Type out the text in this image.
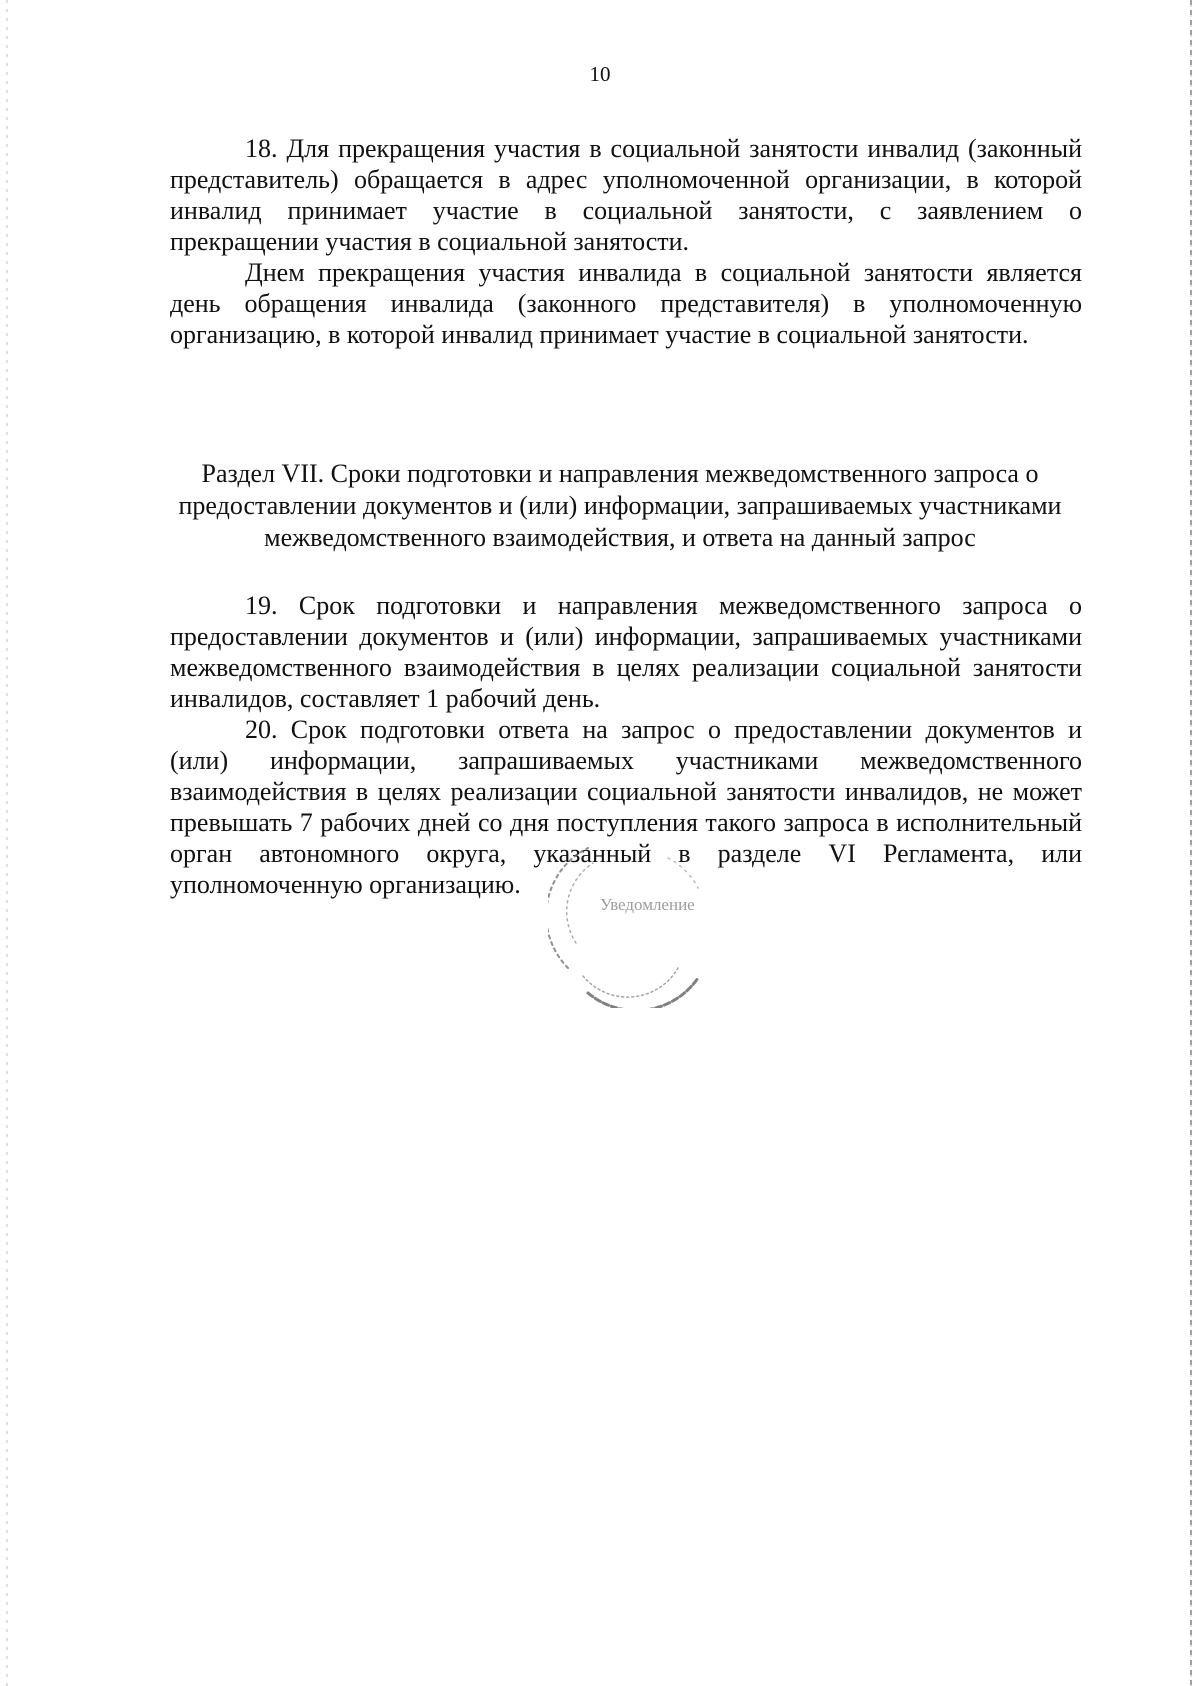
10

18. Для прекращения участия в социальной занятости инвалид (законный представитель) обращается в адрес уполномоченной организации, в которой инвалид принимает участие в социальной занятости, с заявлением о прекращении участия в социальной занятости.

Днем прекращения участия инвалида в социальной занятости является день обращения инвалида (законного представителя) в уполномоченную организацию, в которой инвалид принимает участие в социальной занятости.

Раздел VII. Сроки подготовки и направления межведомственного запроса о предоставлении документов и (или) информации, запрашиваемых участниками межведомственного взаимодействия, и ответа на данный запрос

19. Срок подготовки и направления межведомственного запроса о предоставлении документов и (или) информации, запрашиваемых участниками межведомственного взаимодействия в целях реализации социальной занятости инвалидов, составляет 1 рабочий день.

20. Срок подготовки ответа на запрос о предоставлении документов и (или) информации, запрашиваемых участниками межведомственного взаимодействия в целях реализации социальной занятости инвалидов, не может превышать 7 рабочих дней со дня поступления такого запроса в исполнительный орган автономного округа, указанный в разделе VI Регламента, или уполномоченную организацию.

Уведомление
